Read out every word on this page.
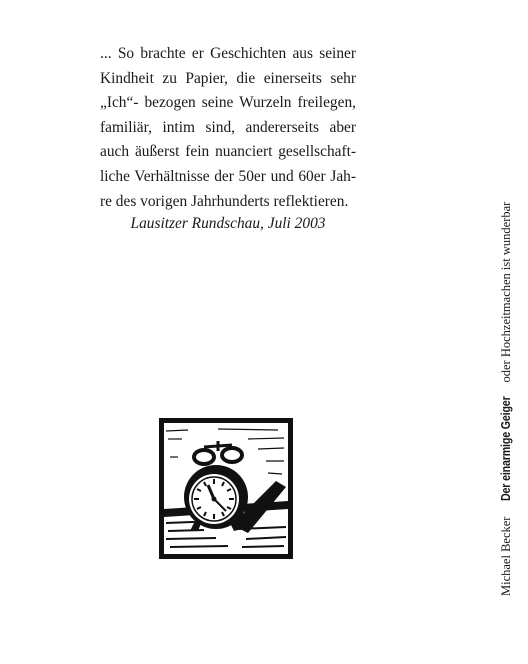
... So brachte er Geschichten aus seiner
Kindheit zu Papier, die einerseits sehr
„Ich“- bezogen seine Wurzeln freilegen,
familiär, intim sind, andererseits aber
auch äußerst fein nuanciert gesellschaft-
liche Verhältnisse der 50er und 60er Jah-
re des vorigen Jahrhunderts reflektieren.
Lausitzer Rundschau, Juli 2003
Michael Becker Der einarmige Geiger oder Hochzeitmachen ist wunderbar
